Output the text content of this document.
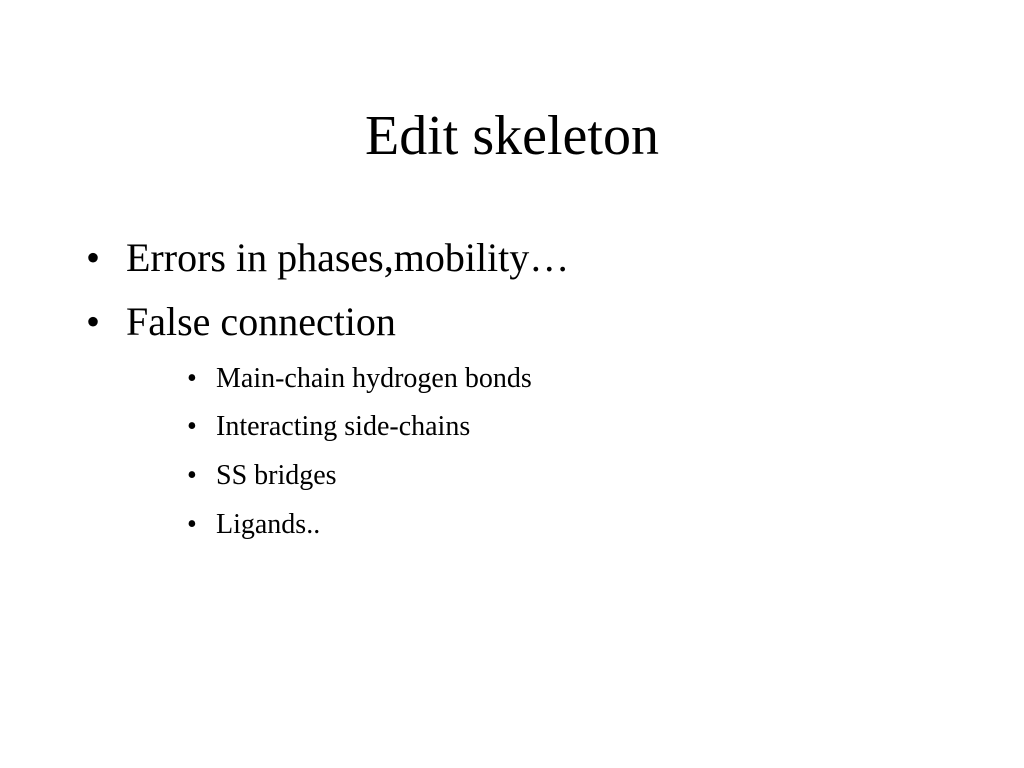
Edit skeleton
• Errors in phases,mobility…
• False connection
• Main-chain hydrogen bonds
• Interacting side-chains
• SS bridges
• Ligands..
